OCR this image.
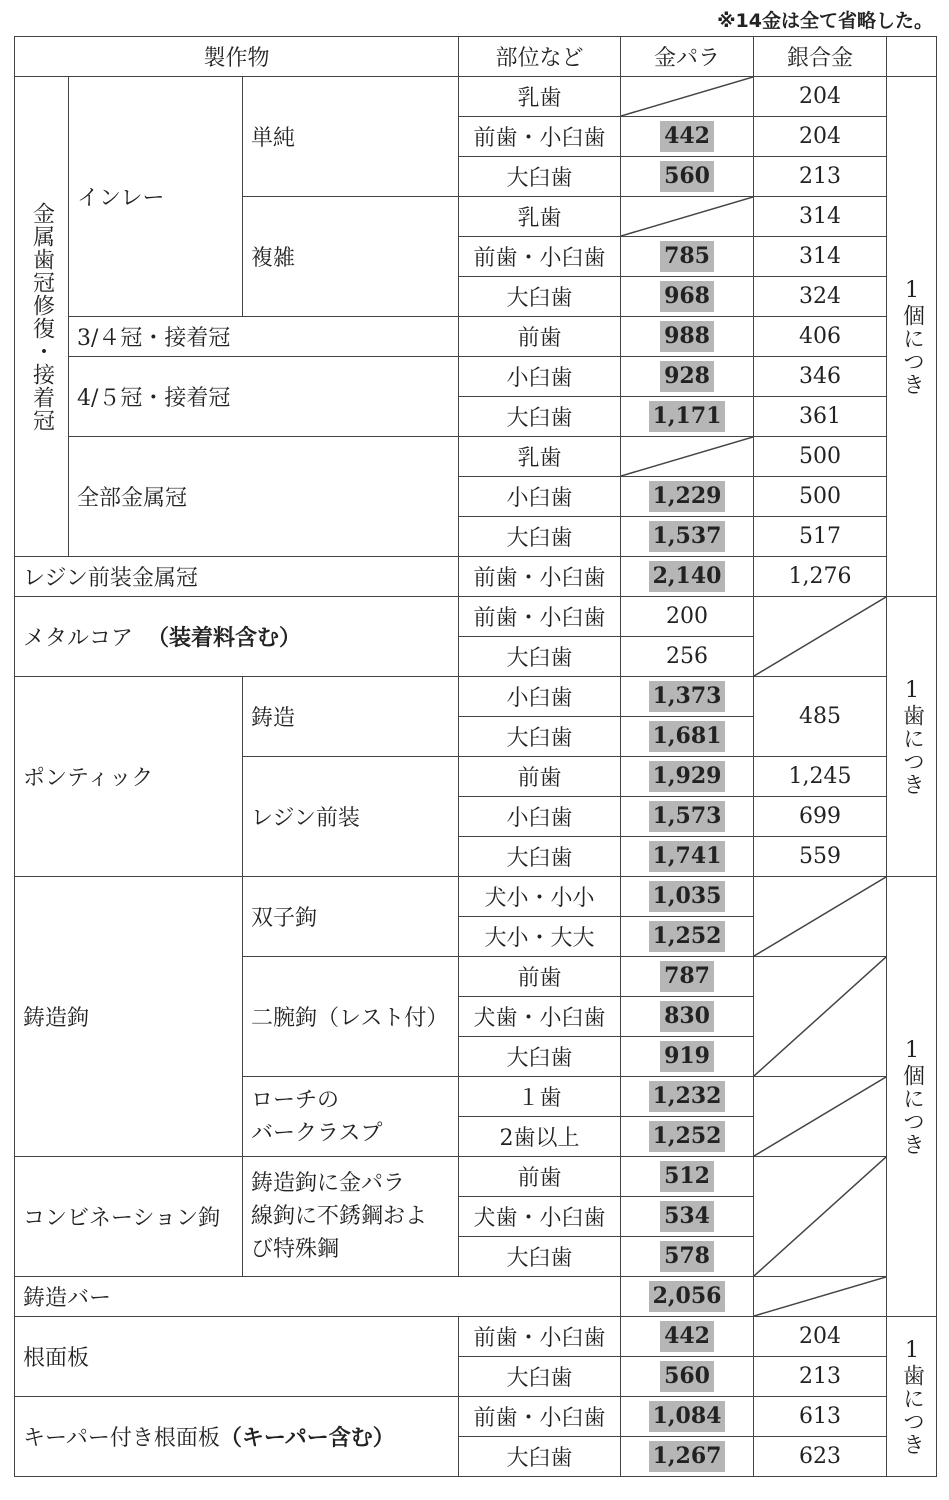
※14金は全て省略した。
製作物			部位など	金パラ	銀合金	

金属歯冠修復・接着冠	インレー	単純	乳歯		204	1個につき

			前歯・小臼歯	442	204	
			大臼歯	560	213	
		複雑	乳歯		314	
			前歯・小臼歯	785	314	
			大臼歯	968	324	
	3/４冠・接着冠		前歯	988	406	
	4/５冠・接着冠		小臼歯	928	346	
			大臼歯	1,171	361	
	全部金属冠		乳歯		500	
			小臼歯	1,229	500	
			大臼歯	1,537	517	
レジン前装金属冠			前歯・小臼歯	2,140	1,276	
メタルコア （装着料含む）			前歯・小臼歯	200		1歯につき

			大臼歯	256		
ポンティック		鋳造	小臼歯	1,373	485	
			大臼歯	1,681		
		レジン前装	前歯	1,929	1,245	
			小臼歯	1,573	699	
			大臼歯	1,741	559	
鋳造鉤		双子鉤	犬小・小小	1,035		1個につき

			大小・大大	1,252		
		二腕鉤（レスト付）	前歯	787	

			犬歯・小臼歯	830		
			大臼歯	919		

		ローチの
バークラスプ	１歯	1,232	

			2歯以上	1,252		
コンビネーション鉤		鋳造鉤に金パラ
線鉤に不銹鋼およ
び特殊鋼	前歯	512	

			犬歯・小臼歯	534		
			大臼歯	578		
鋳造バー				2,056	

根面板			前歯・小臼歯	442	204	1歯につき

			大臼歯	560	213	
キーパー付き根面板（キーパー含む）			前歯・小臼歯	1,084	613	
			大臼歯	1,267	623	
